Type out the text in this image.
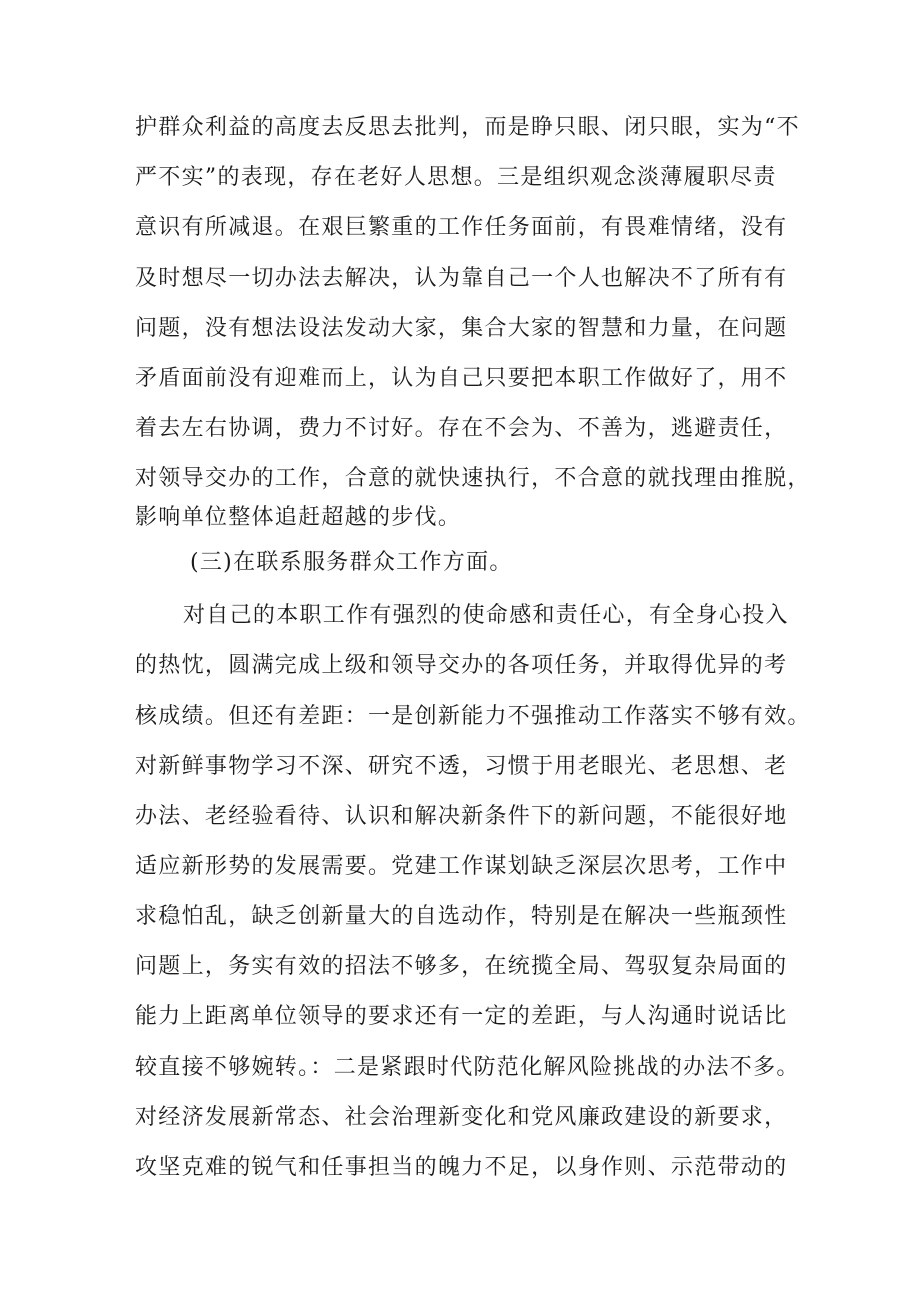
护群众利益的高度去反思去批判，而是睁只眼、闭只眼，实为“不
严不实”的表现，存在老好人思想。三是组织观念淡薄履职尽责
意识有所减退。在艰巨繁重的工作任务面前，有畏难情绪，没有
及时想尽一切办法去解决，认为靠自己一个人也解决不了所有有
问题，没有想法设法发动大家，集合大家的智慧和力量，在问题
矛盾面前没有迎难而上，认为自己只要把本职工作做好了，用不
着去左右协调，费力不讨好。存在不会为、不善为，逃避责任，
对领导交办的工作，合意的就快速执行，不合意的就找理由推脱，
影响单位整体追赶超越的步伐。
(三)在联系服务群众工作方面。
对自己的本职工作有强烈的使命感和责任心，有全身心投入
的热忱，圆满完成上级和领导交办的各项任务，并取得优异的考
核成绩。但还有差距：一是创新能力不强推动工作落实不够有效。
对新鲜事物学习不深、研究不透，习惯于用老眼光、老思想、老
办法、老经验看待、认识和解决新条件下的新问题，不能很好地
适应新形势的发展需要。党建工作谋划缺乏深层次思考，工作中
求稳怕乱，缺乏创新量大的自选动作，特别是在解决一些瓶颈性
问题上，务实有效的招法不够多，在统揽全局、驾驭复杂局面的
能力上距离单位领导的要求还有一定的差距，与人沟通时说话比
较直接不够婉转。：二是紧跟时代防范化解风险挑战的办法不多。
对经济发展新常态、社会治理新变化和党风廉政建设的新要求，
攻坚克难的锐气和任事担当的魄力不足，以身作则、示范带动的
